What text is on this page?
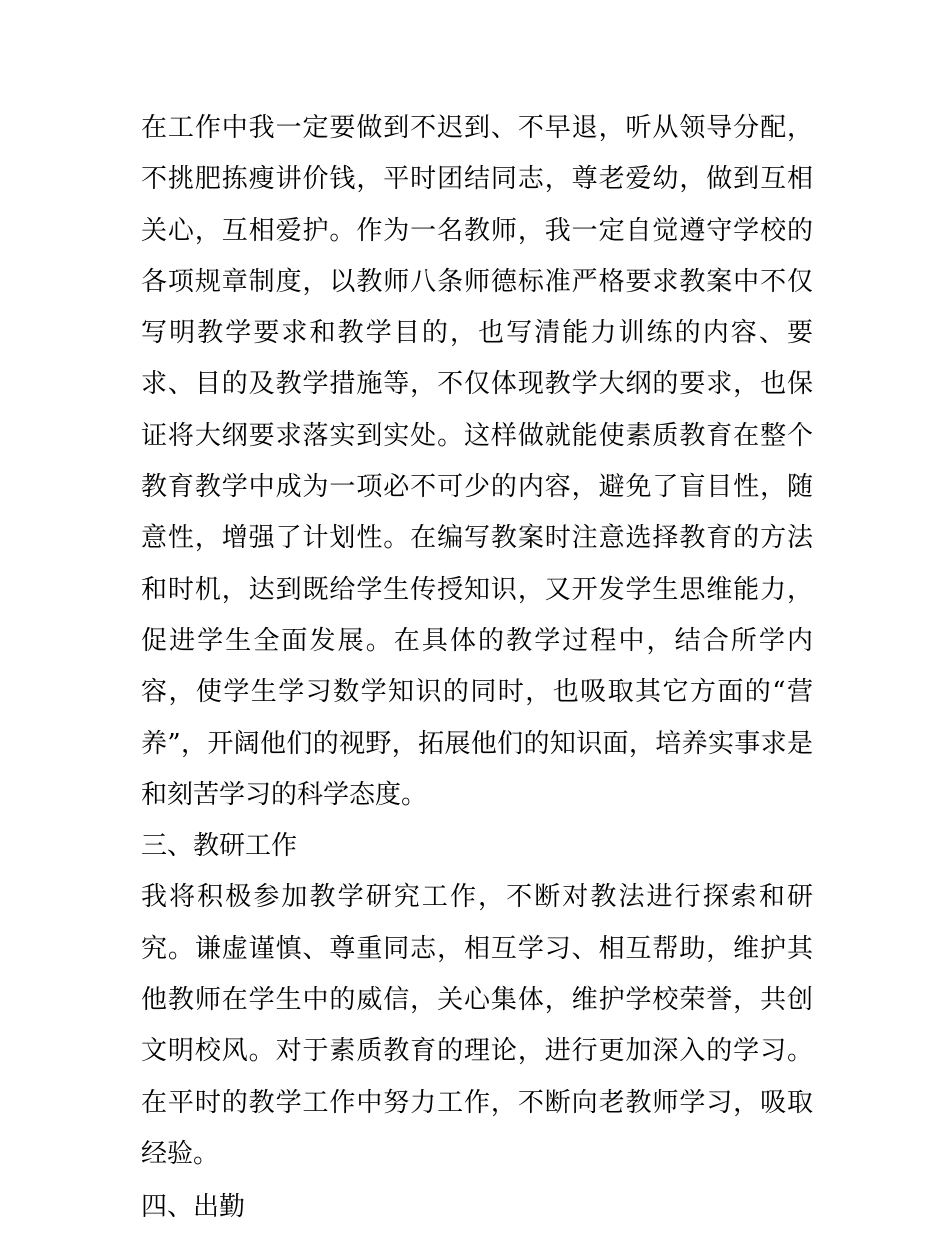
在工作中我一定要做到不迟到、不早退，听从领导分配，不挑肥拣瘦讲价钱，平时团结同志，尊老爱幼，做到互相关心，互相爱护。作为一名教师，我一定自觉遵守学校的各项规章制度，以教师八条师德标准严格要求教案中不仅写明教学要求和教学目的，也写清能力训练的内容、要求、目的及教学措施等，不仅体现教学大纲的要求，也保证将大纲要求落实到实处。这样做就能使素质教育在整个教育教学中成为一项必不可少的内容，避免了盲目性，随意性，增强了计划性。在编写教案时注意选择教育的方法和时机，达到既给学生传授知识，又开发学生思维能力，促进学生全面发展。在具体的教学过程中，结合所学内容，使学生学习数学知识的同时，也吸取其它方面的“营养”，开阔他们的视野，拓展他们的知识面，培养实事求是和刻苦学习的科学态度。

三、教研工作

我将积极参加教学研究工作，不断对教法进行探索和研究。谦虚谨慎、尊重同志，相互学习、相互帮助，维护其他教师在学生中的威信，关心集体，维护学校荣誉，共创文明校风。对于素质教育的理论，进行更加深入的学习。在平时的教学工作中努力工作，不断向老教师学习，吸取经验。

四、出勤
